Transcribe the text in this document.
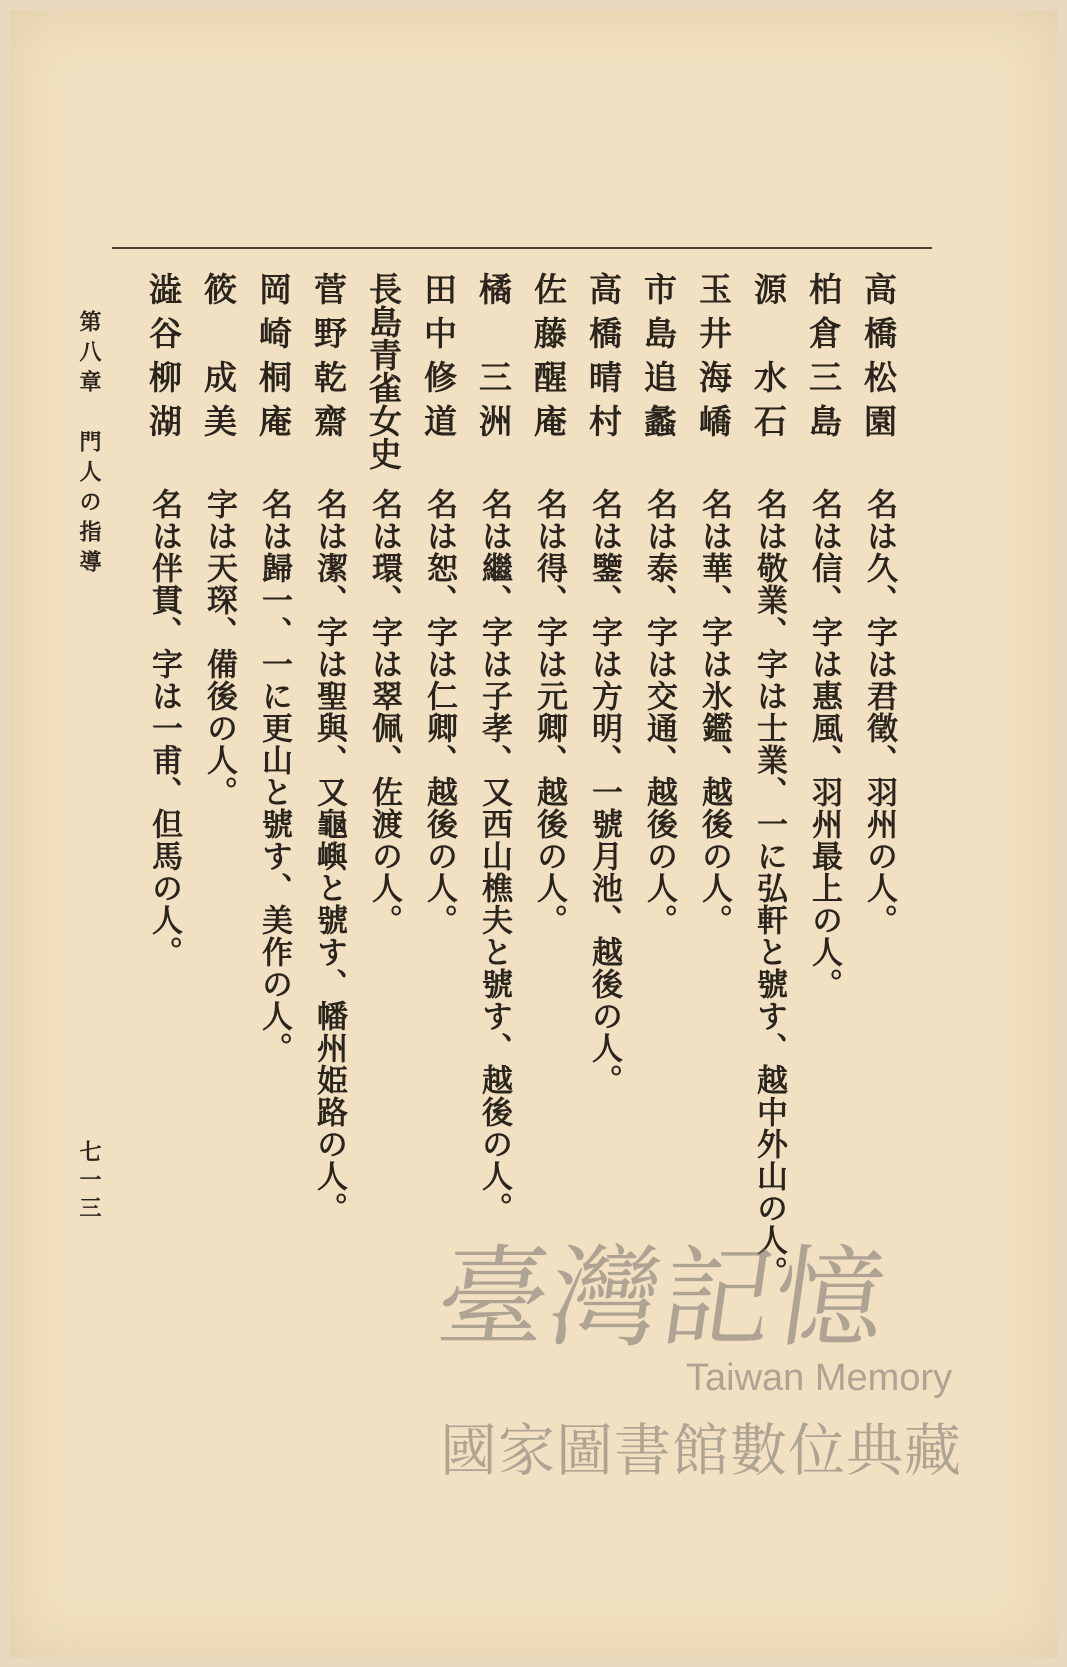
高橋松園
名は久、字は君徵、羽州の人。
柏倉三島
名は信、字は惠風、羽州最上の人。
源　水石
名は敬業、字は士業、一に弘軒と號す、越中外山の人。
玉井海嶠
名は華、字は氷鑑、越後の人。
市島追蠡
名は泰、字は交通、越後の人。
高橋晴村
名は鑒、字は方明、一號月池、越後の人。
佐藤醒庵
名は得、字は元卿、越後の人。
橘　三洲
名は繼、字は子孝、又西山樵夫と號す、越後の人。
田中修道
名は恕、字は仁卿、越後の人。
長島青雀女史
名は環、字は翠佩、佐渡の人。
菅野乾齋
名は潔、字は聖與、又龜嶼と號す、幡州姫路の人。
岡崎桐庵
名は歸一、一に更山と號す、美作の人。
筱　成美
字は天琛、備後の人。
澁谷柳湖
名は伴貫、字は一甫、但馬の人。
第八章　門人の指導
七一三
臺灣記憶
Taiwan Memory
國家圖書館數位典藏
